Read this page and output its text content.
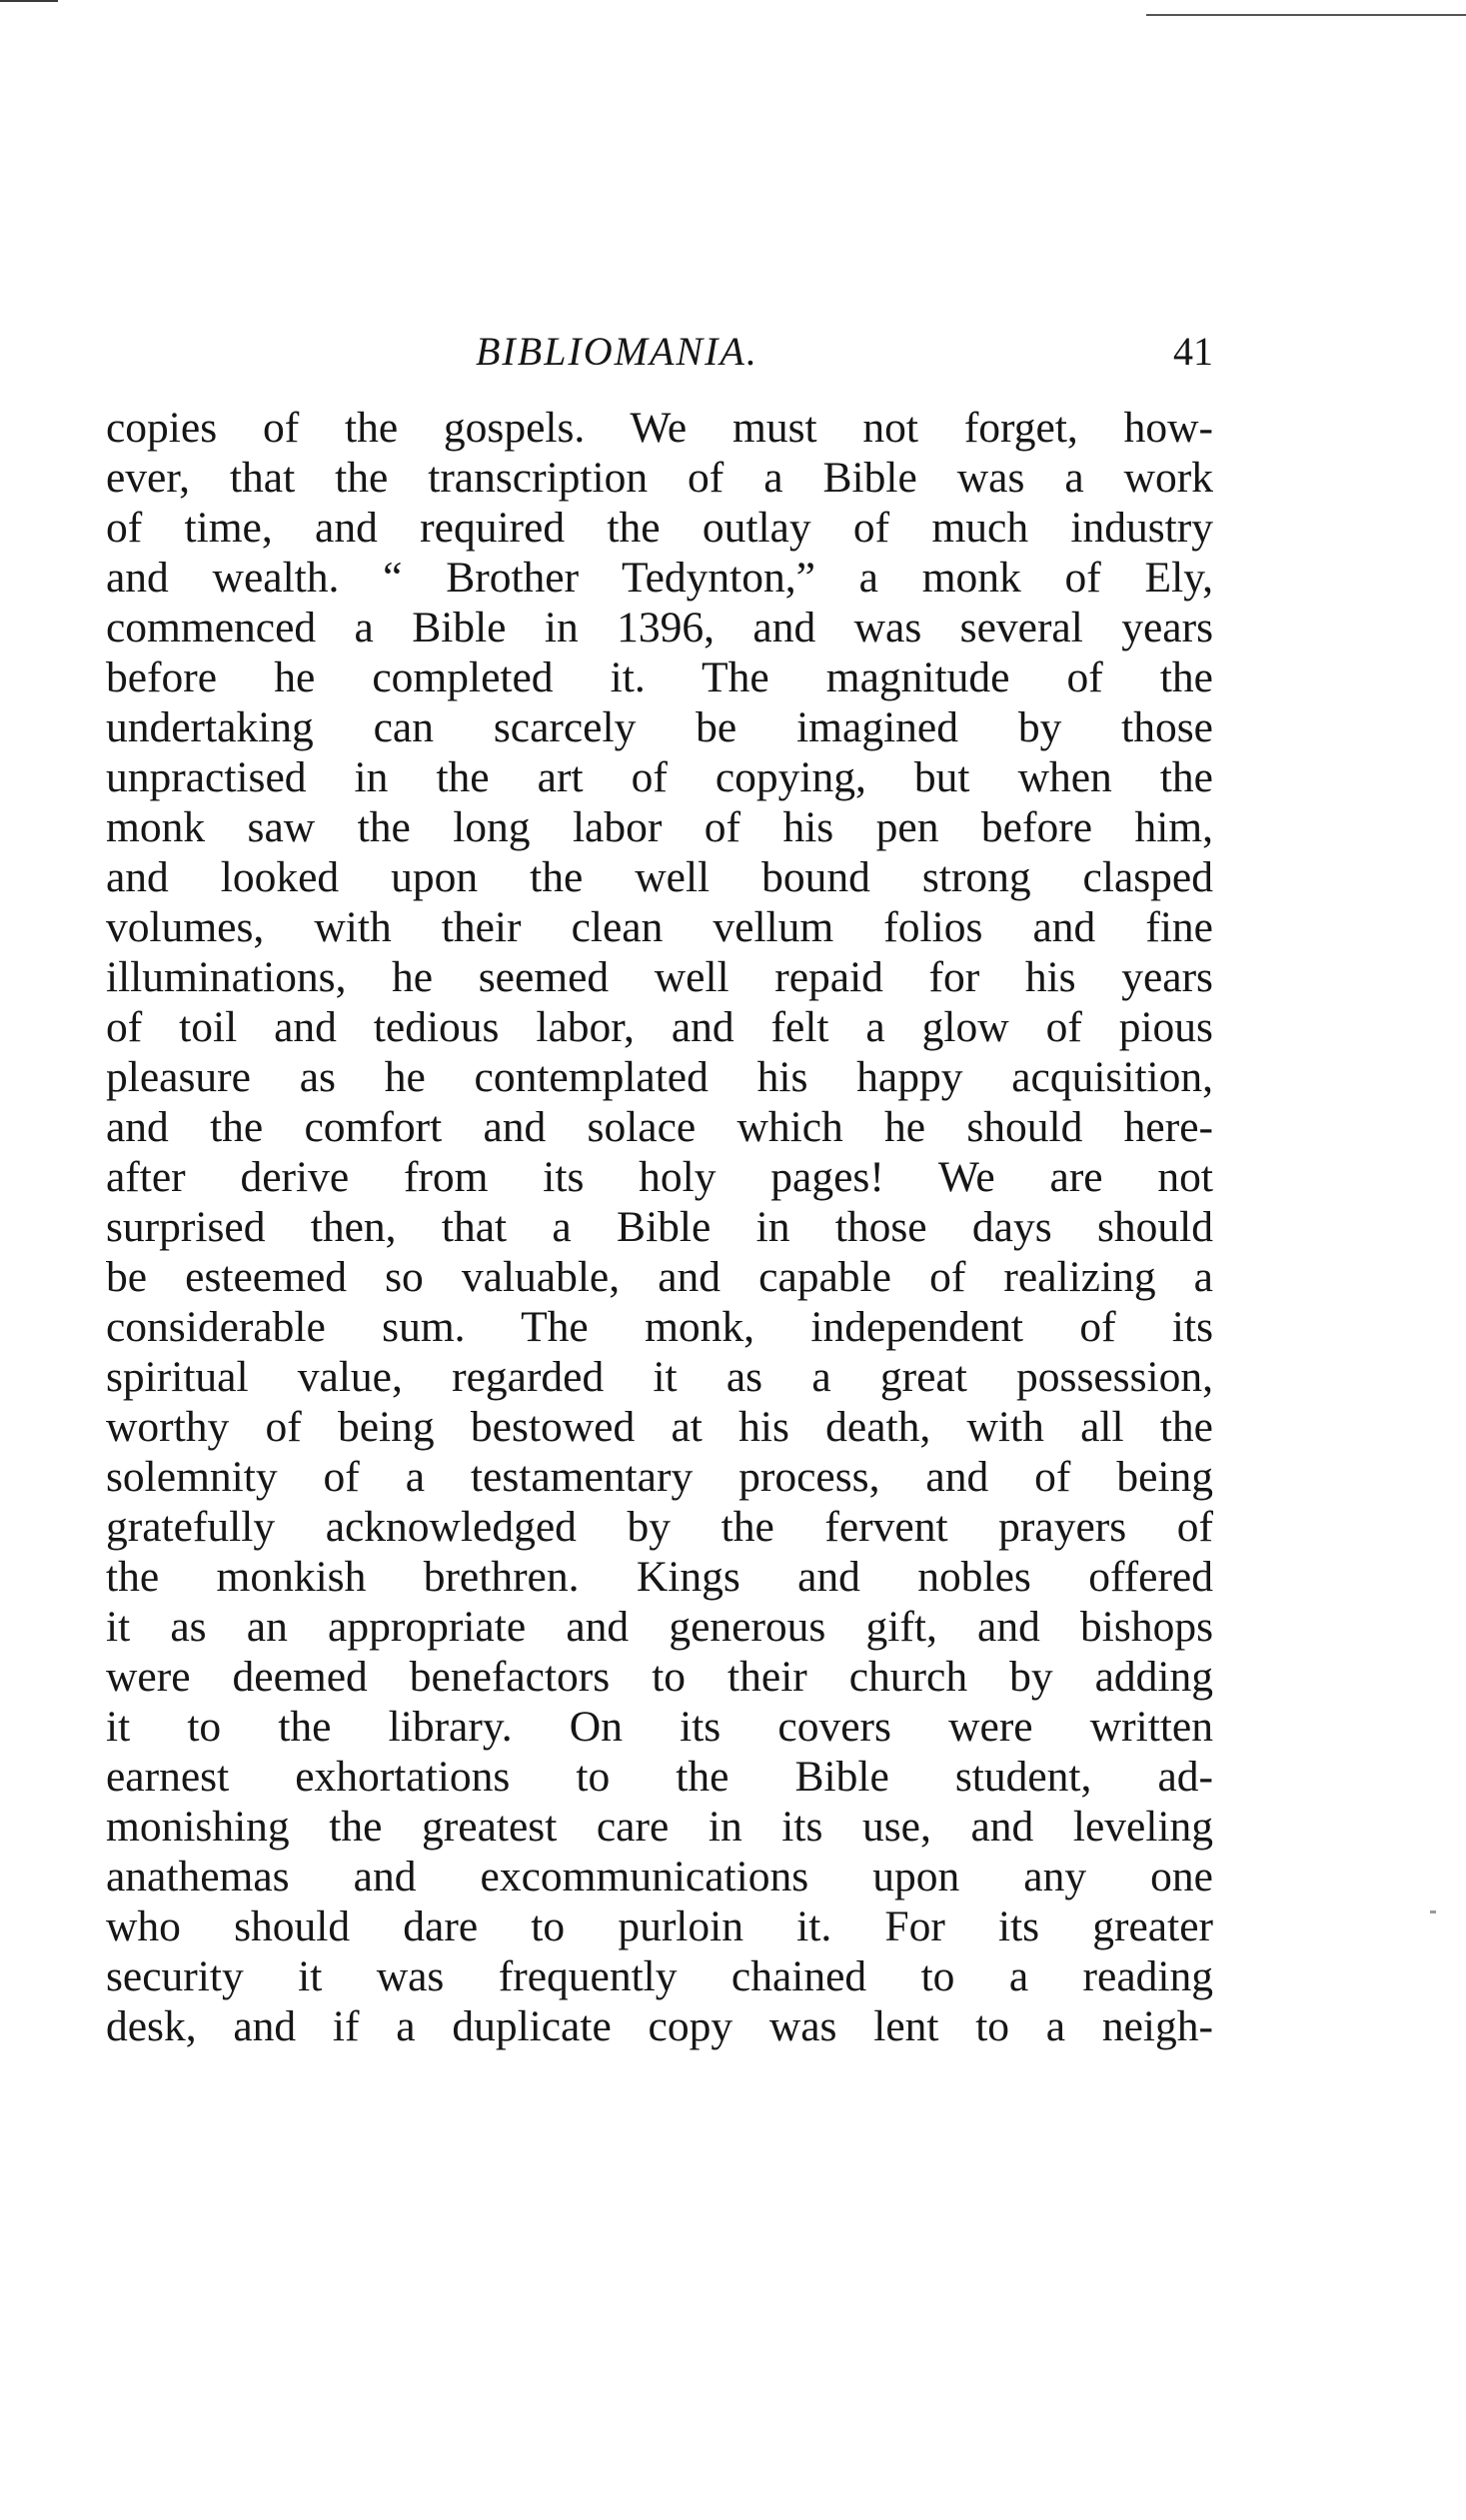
BIBLIOMANIA.	41
copies of the gospels. We must not forget, how-
ever, that the transcription of a Bible was a work
of time, and required the outlay of much industry
and wealth. “ Brother Tedynton,” a monk of Ely,
commenced a Bible in 1396, and was several years
before he completed it. The magnitude of the
undertaking can scarcely be imagined by those
unpractised in the art of copying, but when the
monk saw the long labor of his pen before him,
and looked upon the well bound strong clasped
volumes, with their clean vellum folios and fine
illuminations, he seemed well repaid for his years
of toil and tedious labor, and felt a glow of pious
pleasure as he contemplated his happy acquisition,
and the comfort and solace which he should here-
after derive from its holy pages! We are not
surprised then, that a Bible in those days should
be esteemed so valuable, and capable of realizing a
considerable sum. The monk, independent of its
spiritual value, regarded it as a great possession,
worthy of being bestowed at his death, with all the
solemnity of a testamentary process, and of being
gratefully acknowledged by the fervent prayers of
the monkish brethren. Kings and nobles offered
it as an appropriate and generous gift, and bishops
were deemed benefactors to their church by adding
it to the library. On its covers were written
earnest exhortations to the Bible student, ad-
monishing the greatest care in its use, and leveling
anathemas and excommunications upon any one
who should dare to purloin it. For its greater
security it was frequently chained to a reading
desk, and if a duplicate copy was lent to a neigh-
